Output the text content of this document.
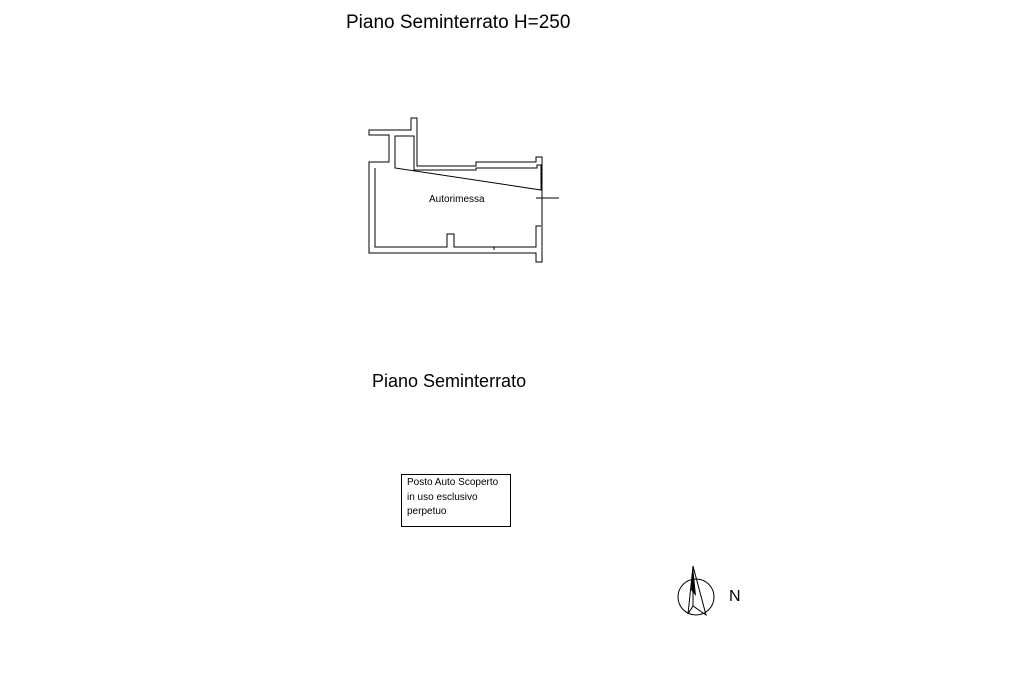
Piano Seminterrato H=250
Autorimessa
Piano Seminterrato
Posto Auto Scoperto
in uso esclusivo
perpetuo
N
